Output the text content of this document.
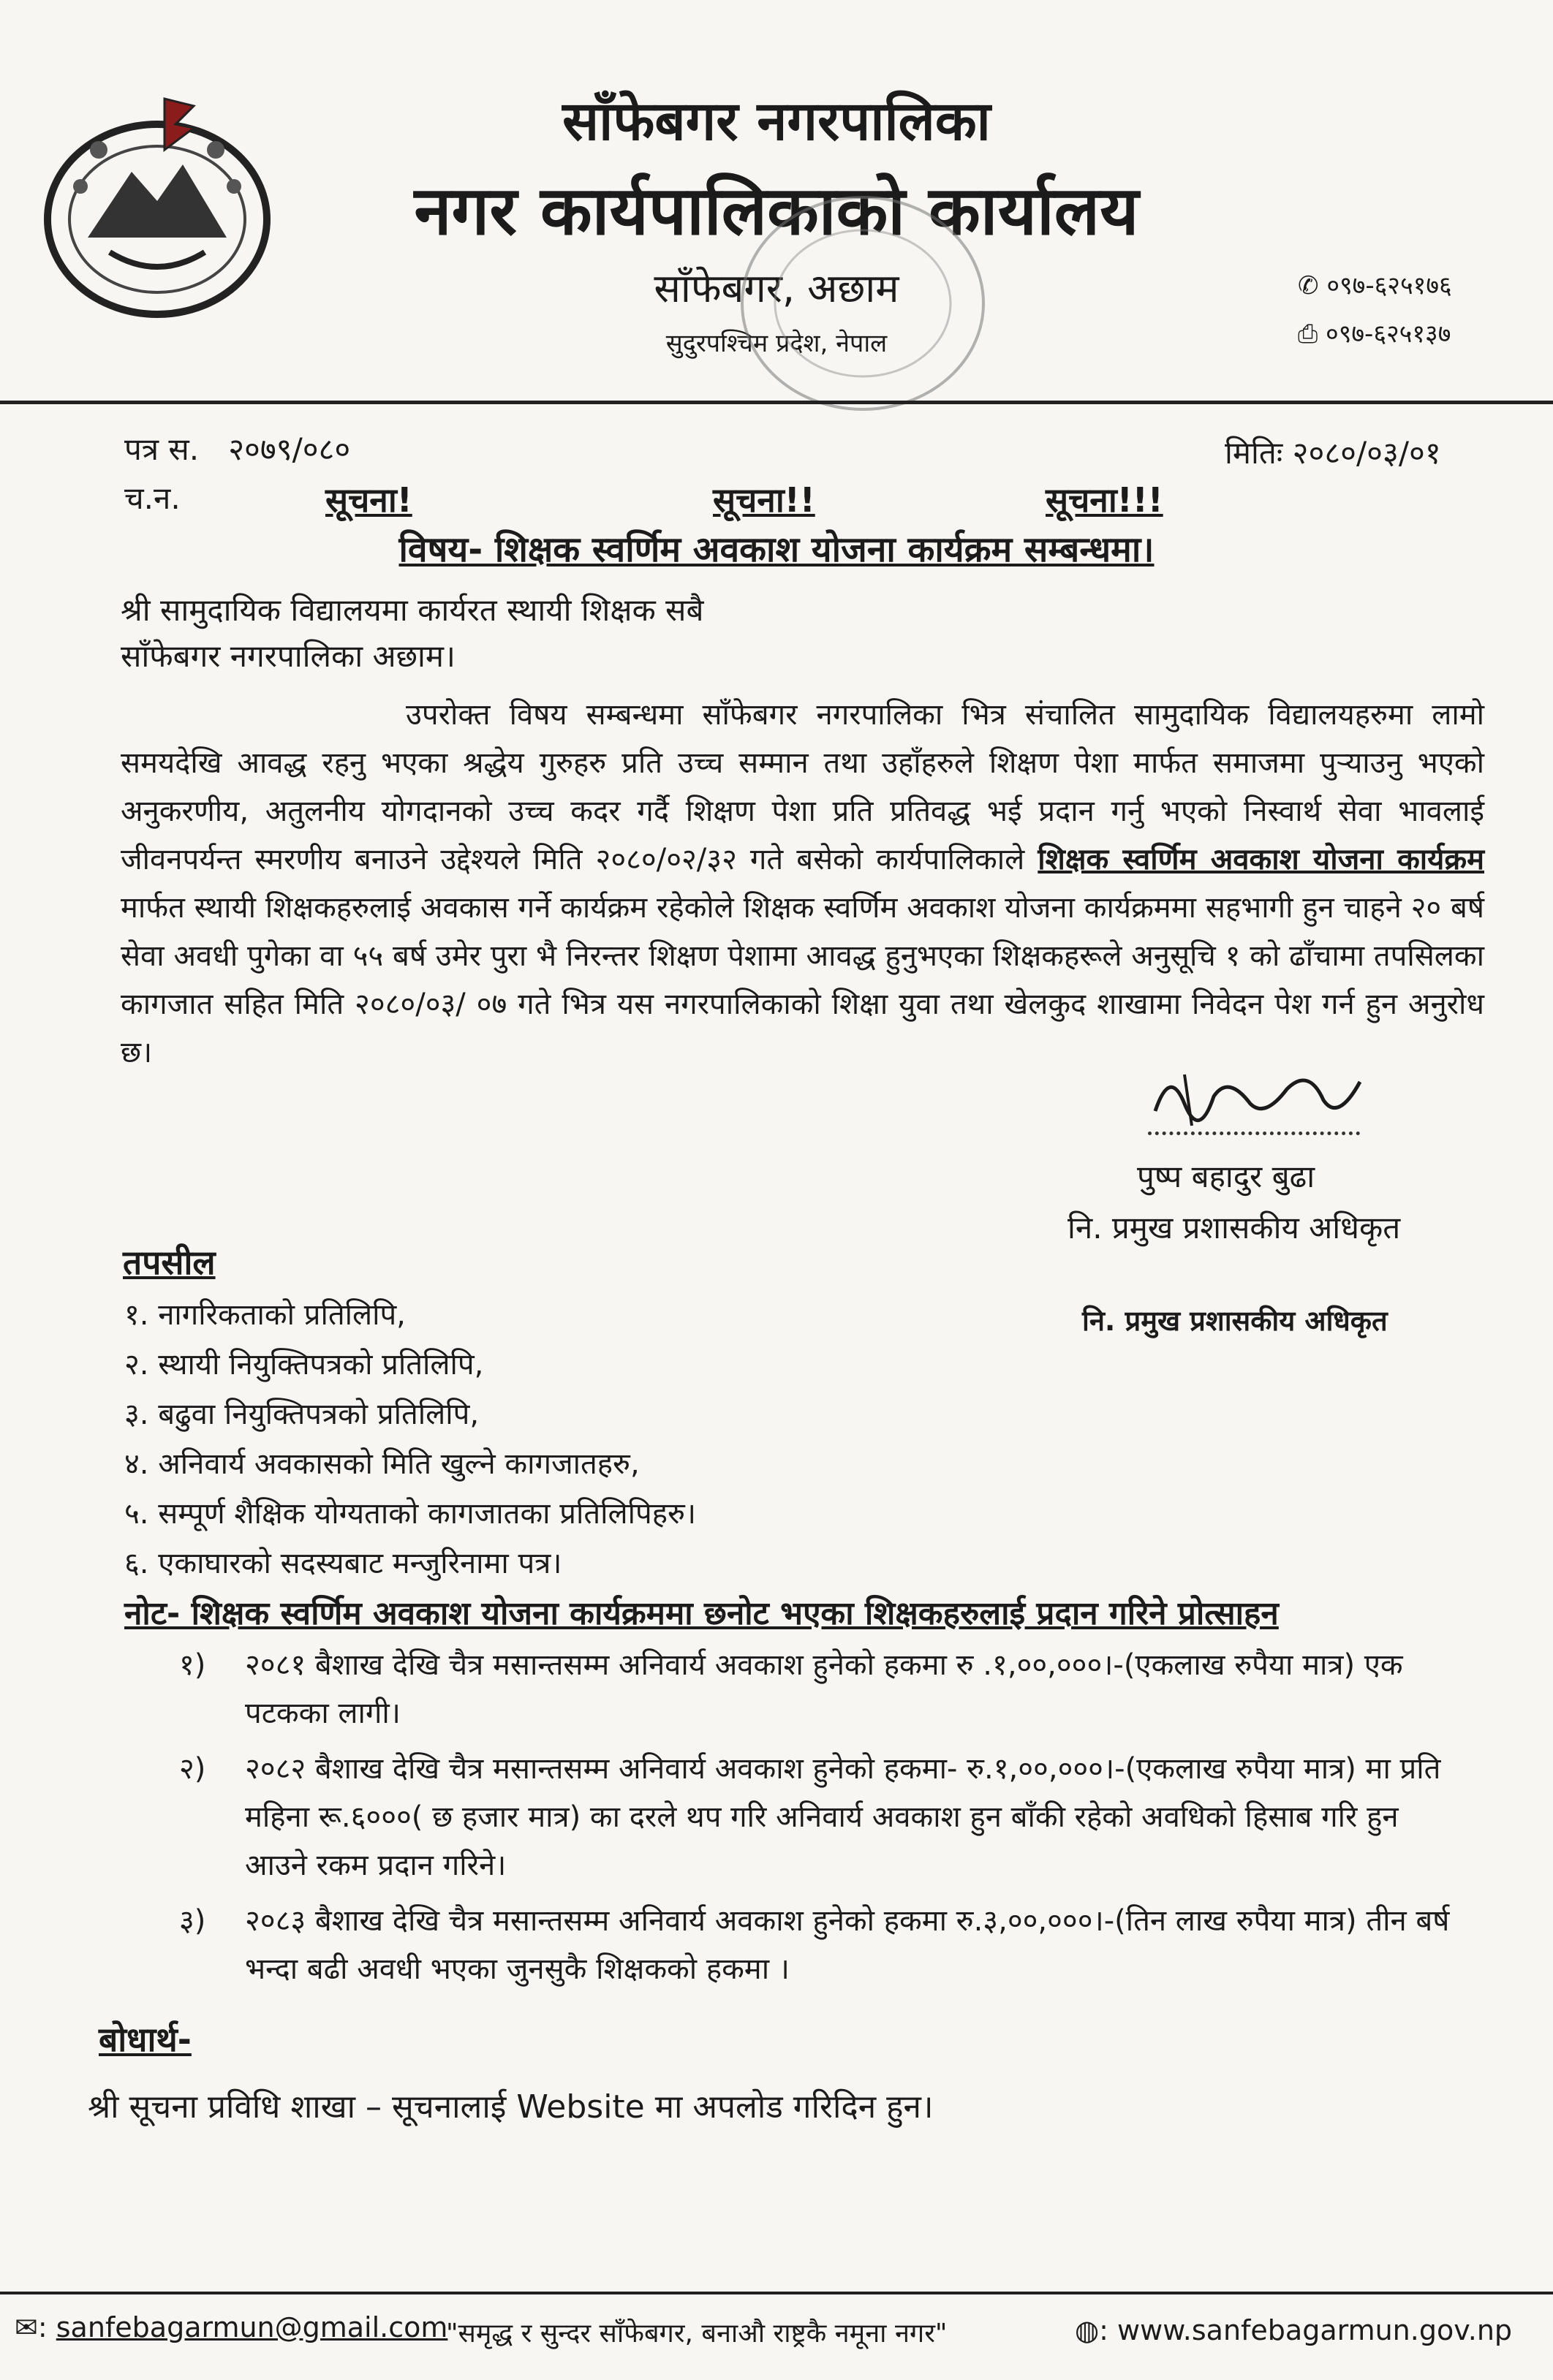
साँफेबगर नगरपालिका
नगर कार्यपालिकाको कार्यालय
साँफेबगर, अछाम
सुदुरपश्चिम प्रदेश, नेपाल
✆ ०९७-६२५१७६
⎙ ०९७-६२५१३७
पत्र स. २०७९/०८०	मितिः २०८०/०३/०१
च.न.	सूचना!	सूचना!!	सूचना!!!
विषय- शिक्षक स्वर्णिम अवकाश योजना कार्यक्रम सम्बन्धमा।
श्री सामुदायिक विद्यालयमा कार्यरत स्थायी शिक्षक सबै
साँफेबगर नगरपालिका अछाम।

उपरोक्त विषय सम्बन्धमा साँफेबगर नगरपालिका भित्र संचालित सामुदायिक विद्यालयहरुमा लामो समयदेखि आवद्ध रहनु भएका श्रद्धेय गुरुहरु प्रति उच्च सम्मान तथा उहाँहरुले शिक्षण पेशा मार्फत समाजमा पुर्‍याउनु भएको अनुकरणीय, अतुलनीय योगदानको उच्च कदर गर्दै शिक्षण पेशा प्रति प्रतिवद्ध भई प्रदान गर्नु भएको निस्वार्थ सेवा भावलाई जीवनपर्यन्त स्मरणीय बनाउने उद्देश्यले मिति २०८०/०२/३२ गते बसेको कार्यपालिकाले शिक्षक स्वर्णिम अवकाश योजना कार्यक्रम मार्फत स्थायी शिक्षकहरुलाई अवकास गर्ने कार्यक्रम रहेकोले शिक्षक स्वर्णिम अवकाश योजना कार्यक्रममा सहभागी हुन चाहने २० बर्ष सेवा अवधी पुगेका वा ५५ बर्ष उमेर पुरा भै निरन्तर शिक्षण पेशामा आवद्ध हुनुभएका शिक्षकहरूले अनुसूचि १ को ढाँचामा तपसिलका कागजात सहित मिति २०८०/०३/ ०७ गते भित्र यस नगरपालिकाको शिक्षा युवा तथा खेलकुद शाखामा निवेदन पेश गर्न हुन अनुरोध छ।

पुष्प बहादुर बुढा
नि. प्रमुख प्रशासकीय अधिकृत
तपसील
नि. प्रमुख प्रशासकीय अधिकृत
१. नागरिकताको प्रतिलिपि,
२. स्थायी नियुक्तिपत्रको प्रतिलिपि,
३. बढुवा नियुक्तिपत्रको प्रतिलिपि,
४. अनिवार्य अवकासको मिति खुल्ने कागजातहरु,
५. सम्पूर्ण शैक्षिक योग्यताको कागजातका प्रतिलिपिहरु।
६. एकाघारको सदस्यबाट मन्जुरिनामा पत्र।
नोट- शिक्षक स्वर्णिम अवकाश योजना कार्यक्रममा छनोट भएका शिक्षकहरुलाई प्रदान गरिने प्रोत्साहन
१) २०८१ बैशाख देखि चैत्र मसान्तसम्म अनिवार्य अवकाश हुनेको हकमा रु .१,००,०००।-(एकलाख रुपैया मात्र) एक पटकका लागी।
२) २०८२ बैशाख देखि चैत्र मसान्तसम्म अनिवार्य अवकाश हुनेको हकमा- रु.१,००,०००।-(एकलाख रुपैया मात्र) मा प्रति महिना रू.६०००( छ हजार मात्र) का दरले थप गरि अनिवार्य अवकाश हुन बाँकी रहेको अवधिको हिसाब गरि हुन आउने रकम प्रदान गरिने।
३) २०८३ बैशाख देखि चैत्र मसान्तसम्म अनिवार्य अवकाश हुनेको हकमा रु.३,००,०००।-(तिन लाख रुपैया मात्र) तीन बर्ष भन्दा बढी अवधी भएका जुनसुकै शिक्षकको हकमा ।
बोधार्थ-
श्री सूचना प्रविधि शाखा – सूचनालाई Website मा अपलोड गरिदिन हुन।
✉: sanfebagarmun@gmail.com
"समृद्ध र सुन्दर साँफेबगर, बनाऔ राष्ट्रकै नमूना नगर"	◍: www.sanfebagarmun.gov.np
